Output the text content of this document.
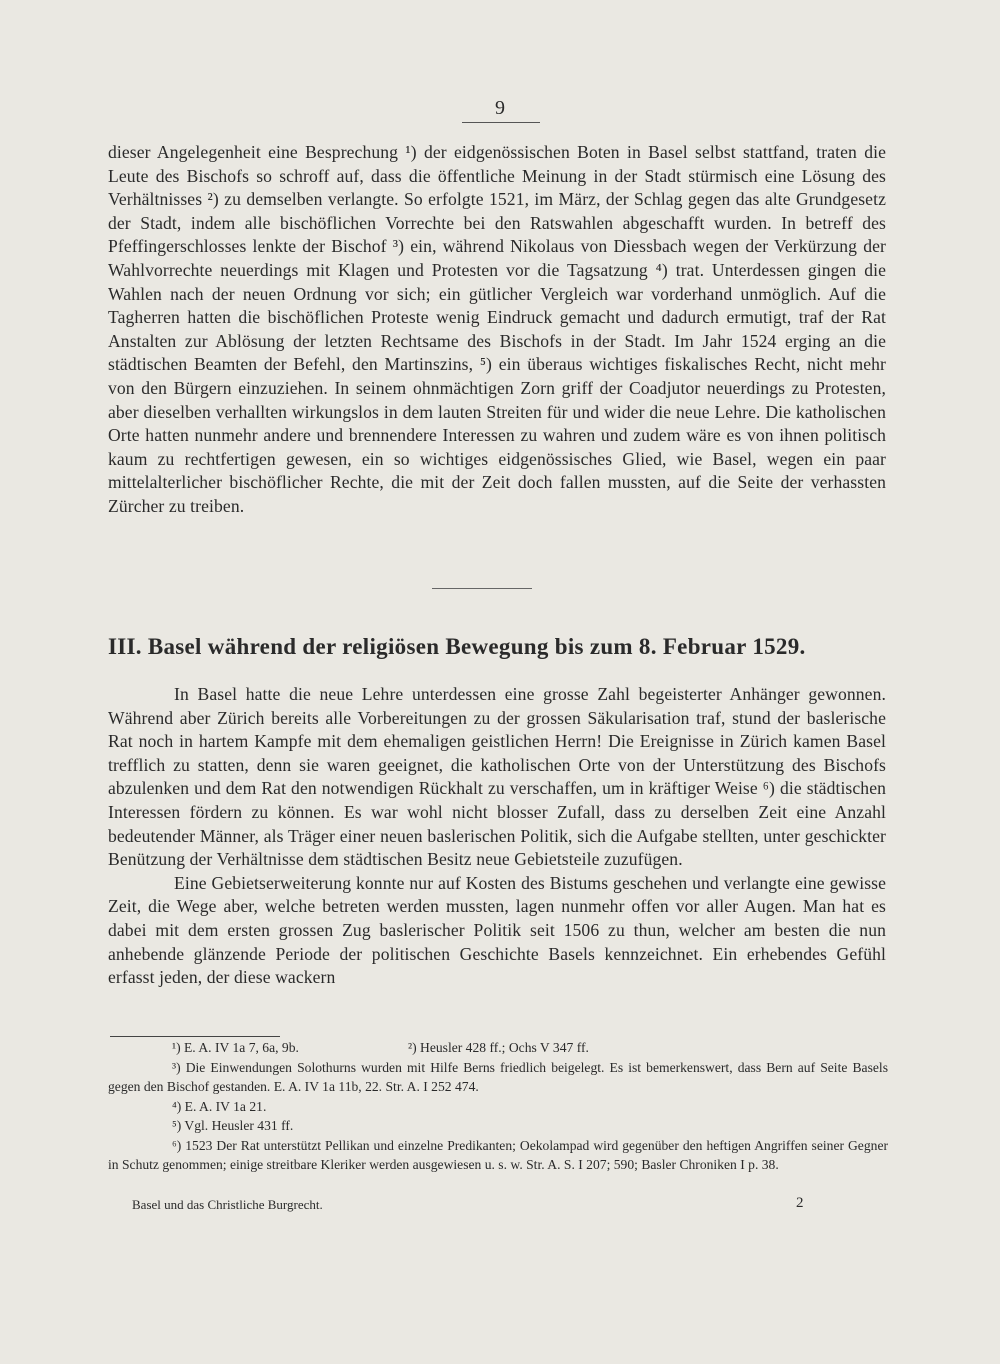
9

dieser Angelegenheit eine Besprechung ¹) der eidgenössischen Boten in Basel selbst stattfand, traten die Leute des Bischofs so schroff auf, dass die öffentliche Meinung in der Stadt stürmisch eine Lösung des Verhältnisses ²) zu demselben verlangte. So erfolgte 1521, im März, der Schlag gegen das alte Grundgesetz der Stadt, indem alle bischöflichen Vorrechte bei den Ratswahlen abgeschafft wurden. In betreff des Pfeffingerschlosses lenkte der Bischof ³) ein, während Nikolaus von Diessbach wegen der Verkürzung der Wahlvorrechte neuerdings mit Klagen und Protesten vor die Tagsatzung ⁴) trat. Unterdessen gingen die Wahlen nach der neuen Ordnung vor sich; ein gütlicher Vergleich war vorderhand unmöglich. Auf die Tagherren hatten die bischöflichen Proteste wenig Eindruck gemacht und dadurch ermutigt, traf der Rat Anstalten zur Ablösung der letzten Rechtsame des Bischofs in der Stadt. Im Jahr 1524 erging an die städtischen Beamten der Befehl, den Martinszins, ⁵) ein überaus wichtiges fiskalisches Recht, nicht mehr von den Bürgern einzuziehen. In seinem ohnmächtigen Zorn griff der Coadjutor neuerdings zu Protesten, aber dieselben verhallten wirkungslos in dem lauten Streiten für und wider die neue Lehre. Die katholischen Orte hatten nunmehr andere und brennendere Interessen zu wahren und zudem wäre es von ihnen politisch kaum zu rechtfertigen gewesen, ein so wichtiges eidgenössisches Glied, wie Basel, wegen ein paar mittelalterlicher bischöflicher Rechte, die mit der Zeit doch fallen mussten, auf die Seite der verhassten Zürcher zu treiben.

III. Basel während der religiösen Bewegung bis zum 8. Februar 1529.

In Basel hatte die neue Lehre unterdessen eine grosse Zahl begeisterter Anhänger gewonnen. Während aber Zürich bereits alle Vorbereitungen zu der grossen Säkularisation traf, stund der baslerische Rat noch in hartem Kampfe mit dem ehemaligen geistlichen Herrn! Die Ereignisse in Zürich kamen Basel trefflich zu statten, denn sie waren geeignet, die katholischen Orte von der Unterstützung des Bischofs abzulenken und dem Rat den notwendigen Rückhalt zu verschaffen, um in kräftiger Weise ⁶) die städtischen Interessen fördern zu können. Es war wohl nicht blosser Zufall, dass zu derselben Zeit eine Anzahl bedeutender Männer, als Träger einer neuen baslerischen Politik, sich die Aufgabe stellten, unter geschickter Benützung der Verhältnisse dem städtischen Besitz neue Gebietsteile zuzufügen.

Eine Gebietserweiterung konnte nur auf Kosten des Bistums geschehen und verlangte eine gewisse Zeit, die Wege aber, welche betreten werden mussten, lagen nunmehr offen vor aller Augen. Man hat es dabei mit dem ersten grossen Zug baslerischer Politik seit 1506 zu thun, welcher am besten die nun anhebende glänzende Periode der politischen Geschichte Basels kennzeichnet. Ein erhebendes Gefühl erfasst jeden, der diese wackern

¹) E. A. IV 1a 7, 6a, 9b.	²) Heusler 428 ff.; Ochs V 347 ff.

³) Die Einwendungen Solothurns wurden mit Hilfe Berns friedlich beigelegt. Es ist bemerkenswert, dass Bern auf Seite Basels gegen den Bischof gestanden. E. A. IV 1a 11b, 22. Str. A. I 252 474.

⁴) E. A. IV 1a 21.

⁵) Vgl. Heusler 431 ff.

⁶) 1523 Der Rat unterstützt Pellikan und einzelne Predikanten; Oekolampad wird gegenüber den heftigen Angriffen seiner Gegner in Schutz genommen; einige streitbare Kleriker werden ausgewiesen u. s. w. Str. A. S. I 207; 590; Basler Chroniken I p. 38.

Basel und das Christliche Burgrecht.	2
